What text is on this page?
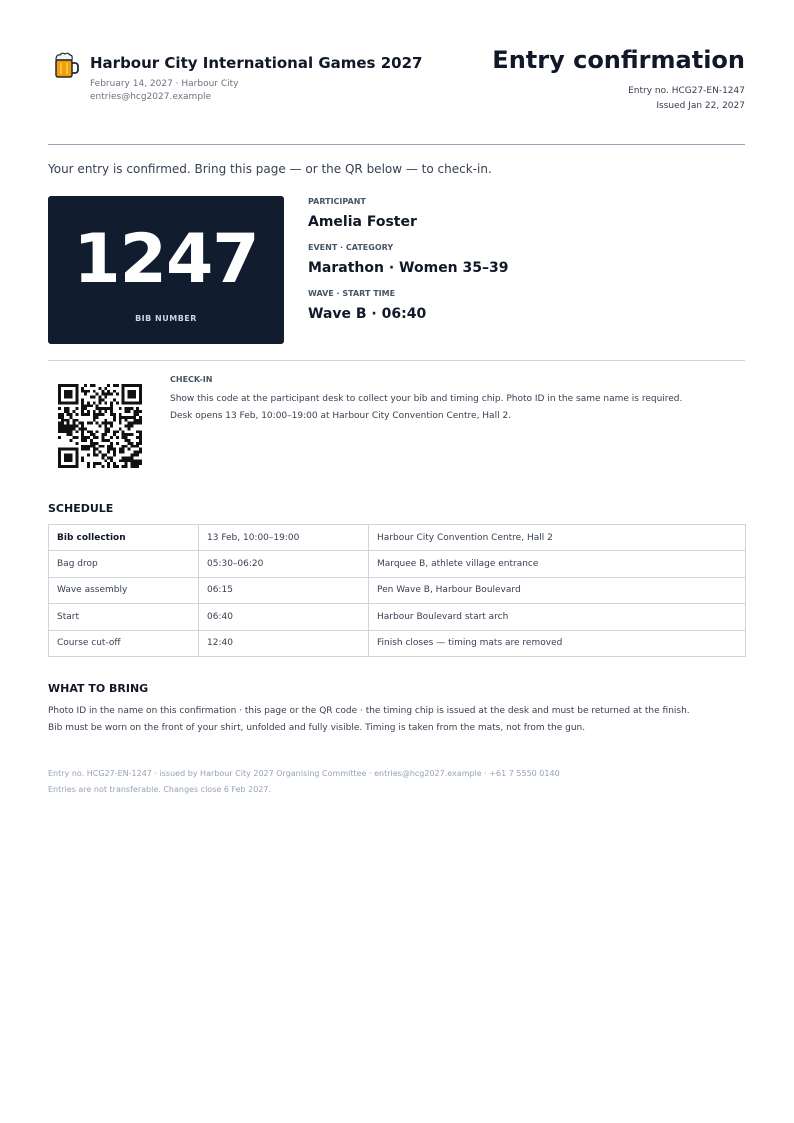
Harbour City International Games 2027
February 14, 2027 · Harbour City
entries@hcg2027.example
Entry confirmation
Entry no. HCG27-EN-1247
Issued Jan 22, 2027
Your entry is confirmed. Bring this page — or the QR below — to check-in.
1247
BIB NUMBER
PARTICIPANT
Amelia Foster
EVENT · CATEGORY
Marathon · Women 35–39
WAVE · START TIME
Wave B · 06:40
CHECK-IN
Show this code at the participant desk to collect your bib and timing chip. Photo ID in the same name is required.
Desk opens 13 Feb, 10:00–19:00 at Harbour City Convention Centre, Hall 2.
SCHEDULE
Bib collection	13 Feb, 10:00–19:00	Harbour City Convention Centre, Hall 2
Bag drop	05:30–06:20	Marquee B, athlete village entrance
Wave assembly	06:15	Pen Wave B, Harbour Boulevard
Start	06:40	Harbour Boulevard start arch
Course cut-off	12:40	Finish closes — timing mats are removed
WHAT TO BRING
Photo ID in the name on this confirmation · this page or the QR code · the timing chip is issued at the desk and must be returned at the finish.
Bib must be worn on the front of your shirt, unfolded and fully visible. Timing is taken from the mats, not from the gun.
Entry no. HCG27-EN-1247 · issued by Harbour City 2027 Organising Committee · entries@hcg2027.example · +61 7 5550 0140
Entries are not transferable. Changes close 6 Feb 2027.
